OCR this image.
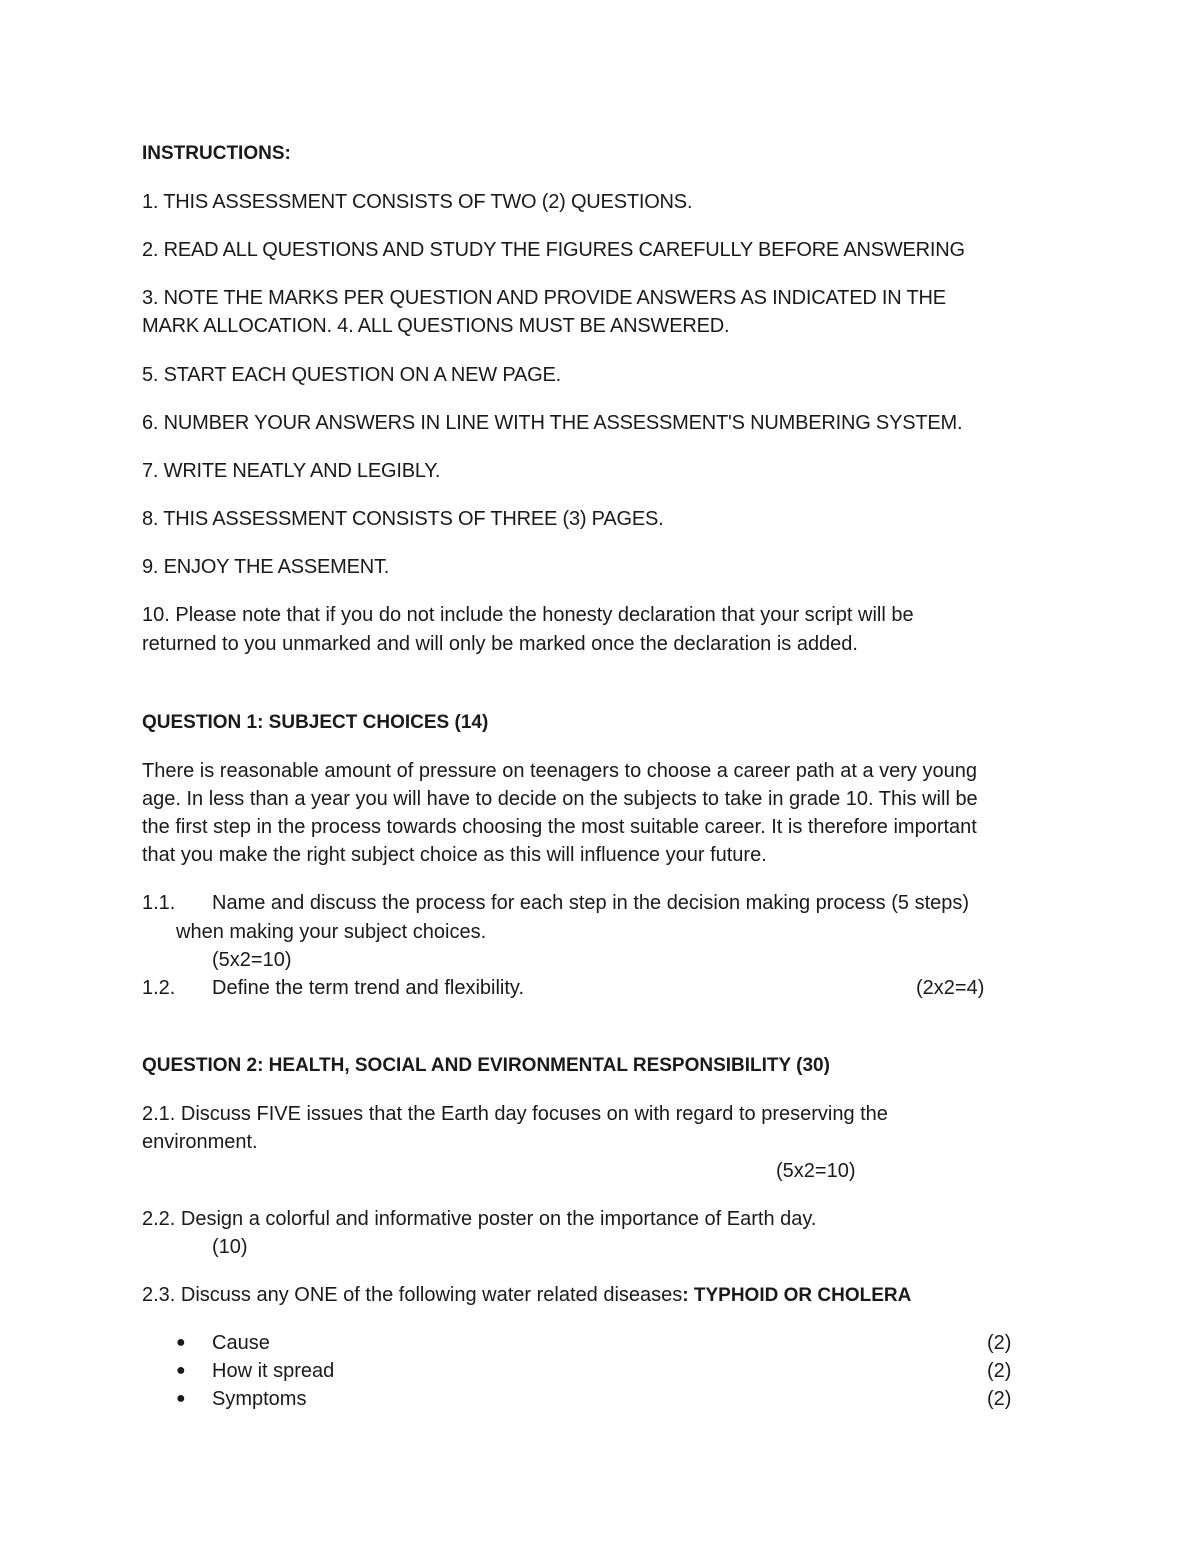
INSTRUCTIONS:
1. THIS ASSESSMENT CONSISTS OF TWO (2) QUESTIONS.
2. READ ALL QUESTIONS AND STUDY THE FIGURES CAREFULLY BEFORE ANSWERING
3. NOTE THE MARKS PER QUESTION AND PROVIDE ANSWERS AS INDICATED IN THE
MARK ALLOCATION. 4. ALL QUESTIONS MUST BE ANSWERED.
5. START EACH QUESTION ON A NEW PAGE.
6. NUMBER YOUR ANSWERS IN LINE WITH THE ASSESSMENT'S NUMBERING SYSTEM.
7. WRITE NEATLY AND LEGIBLY.
8. THIS ASSESSMENT CONSISTS OF THREE (3) PAGES.
9. ENJOY THE ASSEMENT.
10. Please note that if you do not include the honesty declaration that your script will be
returned to you unmarked and will only be marked once the declaration is added.
QUESTION 1: SUBJECT CHOICES (14)
There is reasonable amount of pressure on teenagers to choose a career path at a very young
age. In less than a year you will have to decide on the subjects to take in grade 10. This will be
the first step in the process towards choosing the most suitable career. It is therefore important
that you make the right subject choice as this will influence your future.
1.1. Name and discuss the process for each step in the decision making process (5 steps)
when making your subject choices.
(5x2=10)
1.2. Define the term trend and flexibility.	(2x2=4)
QUESTION 2: HEALTH, SOCIAL AND EVIRONMENTAL RESPONSIBILITY (30)
2.1. Discuss FIVE issues that the Earth day focuses on with regard to preserving the
environment.
(5x2=10)
2.2. Design a colorful and informative poster on the importance of Earth day.
(10)
2.3. Discuss any ONE of the following water related diseases: TYPHOID OR CHOLERA
● Cause	(2)
● How it spread	(2)
● Symptoms	(2)
